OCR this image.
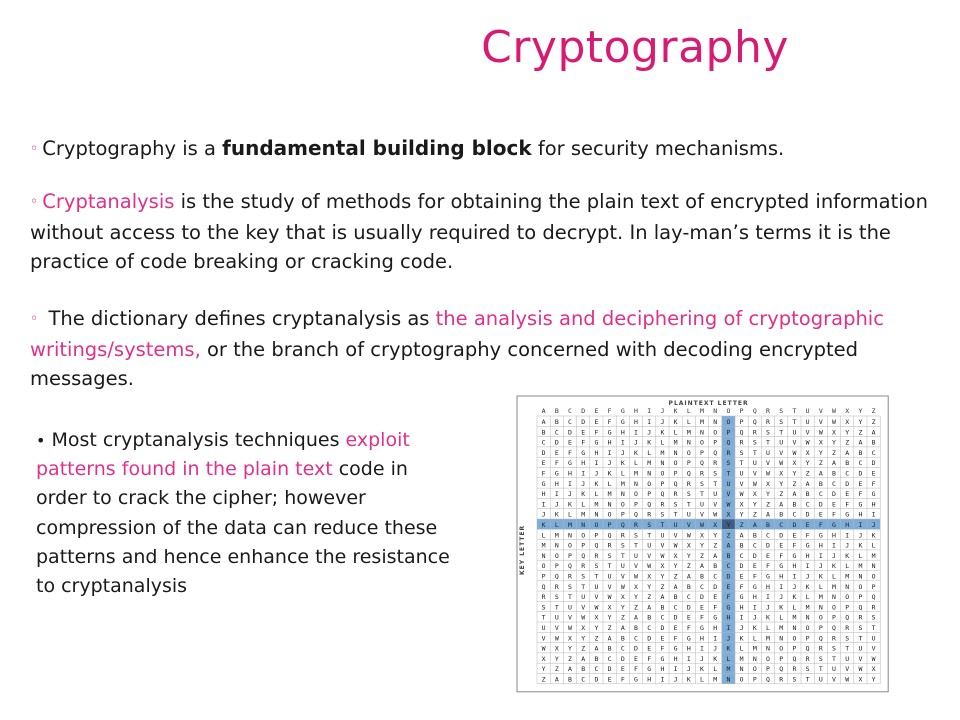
Cryptography

◦ Cryptography is a fundamental building block for security mechanisms.

◦ Cryptanalysis is the study of methods for obtaining the plain text of encrypted information without access to the key that is usually required to decrypt. In lay-man’s terms it is the practice of code breaking or cracking code.

◦ The dictionary defines cryptanalysis as the analysis and deciphering of cryptographic writings/systems, or the branch of cryptography concerned with decoding encrypted messages.

• Most cryptanalysis techniques exploit patterns found in the plain text code in order to crack the cipher; however compression of the data can reduce these patterns and hence enhance the resistance to cryptanalysis

PLAINTEXT LETTER
KEY LETTER
A B C D E F G H I J K L M N O P Q R S T U V W X Y Z
A B C D E F G H I J K L M N O P Q R S T U V W X Y Z
B C D E F G H I J K L M N O P Q R S T U V W X Y Z A
C D E F G H I J K L M N O P Q R S T U V W X Y Z A B
D E F G H I J K L M N O P Q R S T U V W X Y Z A B C
E F G H I J K L M N O P Q R S T U V W X Y Z A B C D
F G H I J K L M N O P Q R S T U V W X Y Z A B C D E
G H I J K L M N O P Q R S T U V W X Y Z A B C D E F
H I J K L M N O P Q R S T U V W X Y Z A B C D E F G
I J K L M N O P Q R S T U V W X Y Z A B C D E F G H
J K L M N O P Q R S T U V W X Y Z A B C D E F G H I
K L M N O P Q R S T U V W X Y Z A B C D E F G H I J
L M N O P Q R S T U V W X Y Z A B C D E F G H I J K
M N O P Q R S T U V W X Y Z A B C D E F G H I J K L
N O P Q R S T U V W X Y Z A B C D E F G H I J K L M
O P Q R S T U V W X Y Z A B C D E F G H I J K L M N
P Q R S T U V W X Y Z A B C D E F G H I J K L M N O
Q R S T U V W X Y Z A B C D E F G H I J K L M N O P
R S T U V W X Y Z A B C D E F G H I J K L M N O P Q
S T U V W X Y Z A B C D E F G H I J K L M N O P Q R
T U V W X Y Z A B C D E F G H I J K L M N O P Q R S
U V W X Y Z A B C D E F G H I J K L M N O P Q R S T
V W X Y Z A B C D E F G H I J K L M N O P Q R S T U
W X Y Z A B C D E F G H I J K L M N O P Q R S T U V
X Y Z A B C D E F G H I J K L M N O P Q R S T U V W
Y Z A B C D E F G H I J K L M N O P Q R S T U V W X
Z A B C D E F G H I J K L M N O P Q R S T U V W X Y
